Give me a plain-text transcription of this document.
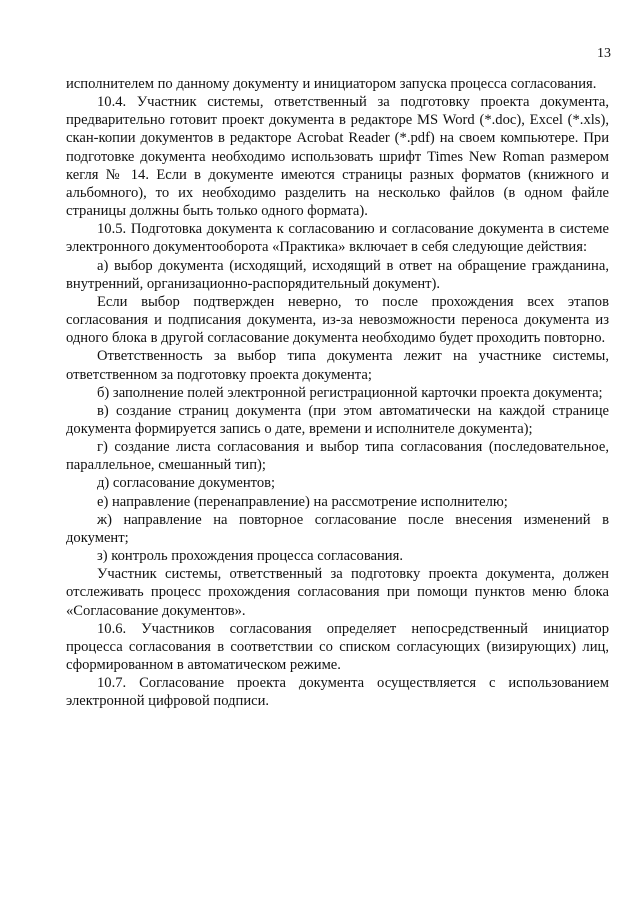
13

исполнителем по данному документу и инициатором запуска процесса согласования.

10.4. Участник системы, ответственный за подготовку проекта документа, предварительно готовит проект документа в редакторе MS Word (*.doc), Excel (*.xls), скан-копии документов в редакторе Acrobat Reader (*.pdf) на своем компьютере. При подготовке документа необходимо использовать шрифт Times New Roman размером кегля № 14. Если в документе имеются страницы разных форматов (книжного и альбомного), то их необходимо разделить на несколько файлов (в одном файле страницы должны быть только одного формата).

10.5. Подготовка документа к согласованию и согласование документа в системе электронного документооборота «Практика» включает в себя следующие действия:

а) выбор документа (исходящий, исходящий в ответ на обращение гражданина, внутренний, организационно-распорядительный документ).

Если выбор подтвержден неверно, то после прохождения всех этапов согласования и подписания документа, из-за невозможности переноса документа из одного блока в другой согласование документа необходимо будет проходить повторно.

Ответственность за выбор типа документа лежит на участнике системы, ответственном за подготовку проекта документа;

б) заполнение полей электронной регистрационной карточки проекта документа;

в) создание страниц документа (при этом автоматически на каждой странице документа формируется запись о дате, времени и исполнителе документа);

г) создание листа согласования и выбор типа согласования (последовательное, параллельное, смешанный тип);

д) согласование документов;

е) направление (перенаправление) на рассмотрение исполнителю;

ж) направление на повторное согласование после внесения изменений в документ;

з) контроль прохождения процесса согласования.

Участник системы, ответственный за подготовку проекта документа, должен отслеживать процесс прохождения согласования при помощи пунктов меню блока «Согласование документов».

10.6. Участников согласования определяет непосредственный инициатор процесса согласования в соответствии со списком согласующих (визирующих) лиц, сформированном в автоматическом режиме.

10.7. Согласование проекта документа осуществляется с использованием электронной цифровой подписи.
